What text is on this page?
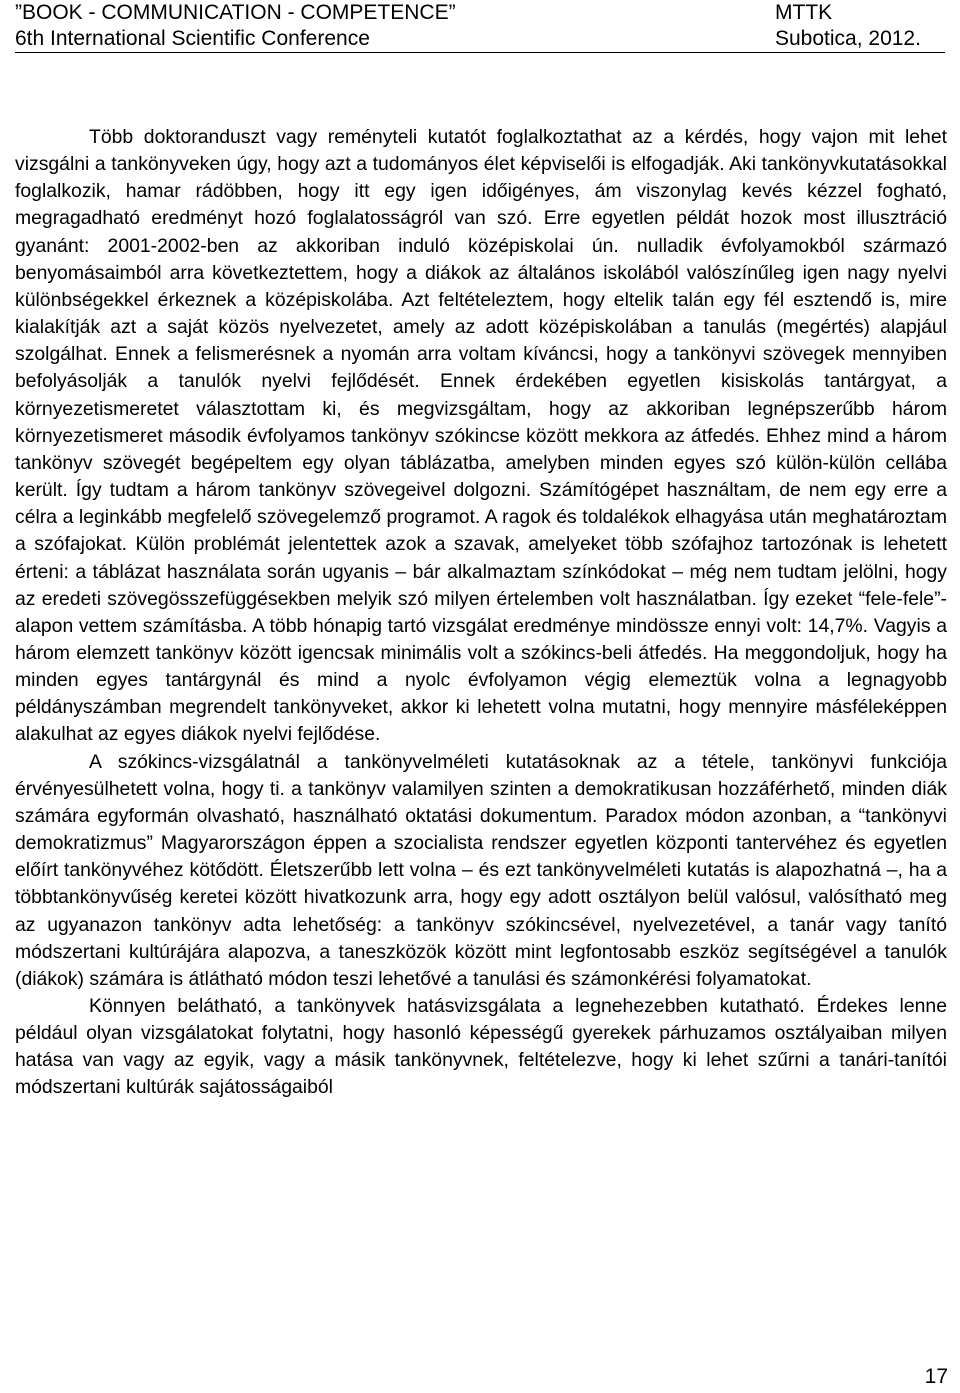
”BOOK - COMMUNICATION - COMPETENCE”	MTTK
6th International Scientific Conference	Subotica, 2012.

Több doktoranduszt vagy reményteli kutatót foglalkoztathat az a kérdés, hogy vajon mit lehet vizsgálni a tankönyveken úgy, hogy azt a tudományos élet képviselői is elfogadják. Aki tankönyvkutatásokkal foglalkozik, hamar rádöbben, hogy itt egy igen időigényes, ám viszonylag kevés kézzel fogható, megragadható eredményt hozó foglalatosságról van szó. Erre egyetlen példát hozok most illusztráció gyanánt: 2001-2002-ben az akkoriban induló középiskolai ún. nulladik évfolyamokból származó benyomásaimból arra következtettem, hogy a diákok az általános iskolából valószínűleg igen nagy nyelvi különbségekkel érkeznek a középiskolába. Azt feltételeztem, hogy eltelik talán egy fél esztendő is, mire kialakítják azt a saját közös nyelvezetet, amely az adott középiskolában a tanulás (megértés) alapjául szolgálhat. Ennek a felismerésnek a nyomán arra voltam kíváncsi, hogy a tankönyvi szövegek mennyiben befolyásolják a tanulók nyelvi fejlődését. Ennek érdekében egyetlen kisiskolás tantárgyat, a környezetismeretet választottam ki, és megvizsgáltam, hogy az akkoriban legnépszerűbb három környezetismeret második évfolyamos tankönyv szókincse között mekkora az átfedés. Ehhez mind a három tankönyv szövegét begépeltem egy olyan táblázatba, amelyben minden egyes szó külön-külön cellába került. Így tudtam a három tankönyv szövegeivel dolgozni. Számítógépet használtam, de nem egy erre a célra a leginkább megfelelő szövegelemző programot. A ragok és toldalékok elhagyása után meghatároztam a szófajokat. Külön problémát jelentettek azok a szavak, amelyeket több szófajhoz tartozónak is lehetett érteni: a táblázat használata során ugyanis – bár alkalmaztam színkódokat – még nem tudtam jelölni, hogy az eredeti szövegösszefüggésekben melyik szó milyen értelemben volt használatban. Így ezeket “fele-fele”-alapon vettem számításba. A több hónapig tartó vizsgálat eredménye mindössze ennyi volt: 14,7%. Vagyis a három elemzett tankönyv között igencsak minimális volt a szókincs-beli átfedés. Ha meggondoljuk, hogy ha minden egyes tantárgynál és mind a nyolc évfolyamon végig elemeztük volna a legnagyobb példányszámban megrendelt tankönyveket, akkor ki lehetett volna mutatni, hogy mennyire másféleképpen alakulhat az egyes diákok nyelvi fejlődése.

A szókincs-vizsgálatnál a tankönyvelméleti kutatásoknak az a tétele, tankönyvi funkciója érvényesülhetett volna, hogy ti. a tankönyv valamilyen szinten a demokratikusan hozzáférhető, minden diák számára egyformán olvasható, használható oktatási dokumentum. Paradox módon azonban, a “tankönyvi demokratizmus” Magyarországon éppen a szocialista rendszer egyetlen központi tantervéhez és egyetlen előírt tankönyvéhez kötődött. Életszerűbb lett volna – és ezt tankönyvelméleti kutatás is alapozhatná –, ha a többtankönyvűség keretei között hivatkozunk arra, hogy egy adott osztályon belül valósul, valósítható meg az ugyanazon tankönyv adta lehetőség: a tankönyv szókincsével, nyelvezetével, a tanár vagy tanító módszertani kultúrájára alapozva, a taneszközök között mint legfontosabb eszköz segítségével a tanulók (diákok) számára is átlátható módon teszi lehetővé a tanulási és számonkérési folyamatokat.

Könnyen belátható, a tankönyvek hatásvizsgálata a legnehezebben kutatható. Érdekes lenne például olyan vizsgálatokat folytatni, hogy hasonló képességű gyerekek párhuzamos osztályaiban milyen hatása van vagy az egyik, vagy a másik tankönyvnek, feltételezve, hogy ki lehet szűrni a tanári-tanítói módszertani kultúrák sajátosságaiból

17
